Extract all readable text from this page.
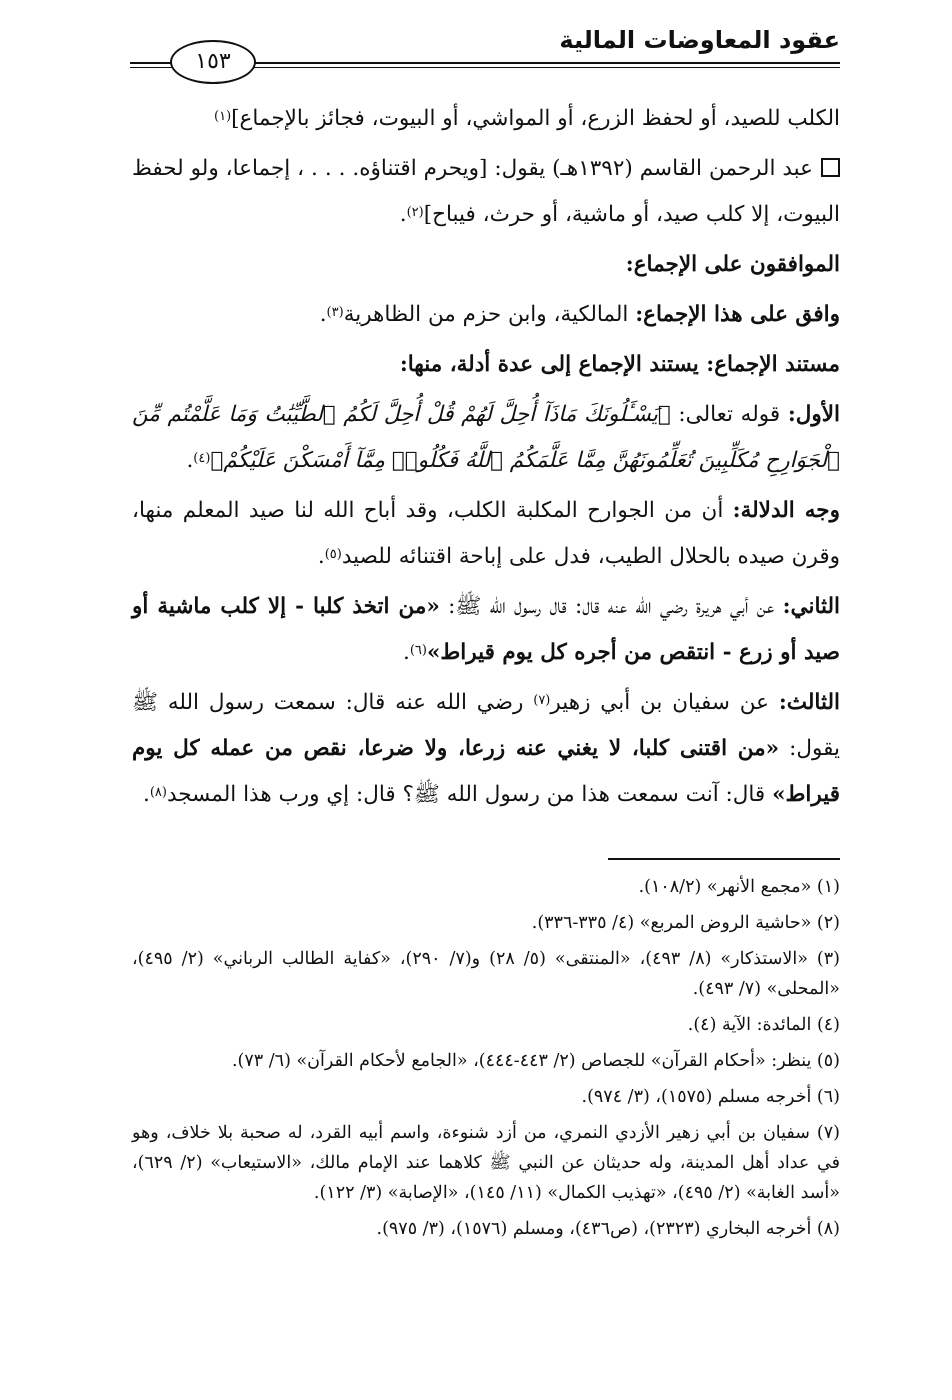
عقود المعاوضات المالية
١٥٣

الكلب للصيد، أو لحفظ الزرع، أو المواشي، أو البيوت، فجائز بالإجماع]$^{(١)}$

عبد الرحمن القاسم (١٣٩٢هـ) يقول: [ويحرم اقتناؤه. . . . ، إجماعا، ولو لحفظ البيوت، إلا كلب صيد، أو ماشية، أو حرث، فيباح]$^{(٢)}$.

الموافقون على الإجماع:

وافق على هذا الإجماع: المالكية، وابن حزم من الظاهرية$^{(٣)}$.

مستند الإجماع: يستند الإجماع إلى عدة أدلة، منها:

الأول: قوله تعالى: ﴿يَسْـَٔلُونَكَ مَاذَآ أُحِلَّ لَهُمْ قُلْ أُحِلَّ لَكُمُ ٱلطَّيِّبَٰتُ وَمَا عَلَّمْتُم مِّنَ ٱلْجَوَارِحِ مُكَلِّبِينَ تُعَلِّمُونَهُنَّ مِمَّا عَلَّمَكُمُ ٱللَّهُ فَكُلُوا۟ مِمَّآ أَمْسَكْنَ عَلَيْكُمْ﴾$^{(٤)}$.

وجه الدلالة: أن من الجوارح المكلبة الكلب، وقد أباح الله لنا صيد المعلم منها، وقرن صيده بالحلال الطيب، فدل على إباحة اقتنائه للصيد$^{(٥)}$.

الثاني: عن أبي هريرة رضي الله عنه قال: قال رسول الله ﷺ: «من اتخذ كلبا - إلا كلب ماشية أو صيد أو زرع - انتقص من أجره كل يوم قيراط»$^{(٦)}$.

الثالث: عن سفيان بن أبي زهير$^{(٧)}$ رضي الله عنه قال: سمعت رسول الله ﷺ يقول: «من اقتنى كلبا، لا يغني عنه زرعا، ولا ضرعا، نقص من عمله كل يوم قيراط» قال: آنت سمعت هذا من رسول الله ﷺ؟ قال: إي ورب هذا المسجد$^{(٨)}$.

(١) «مجمع الأنهر» (١٠٨/٢).

(٢) «حاشية الروض المربع» (٤/ ٣٣٥-٣٣٦).

(٣) «الاستذكار» (٨/ ٤٩٣)، «المنتقى» (٥/ ٢٨) و(٧/ ٢٩٠)، «كفاية الطالب الرباني» (٢/ ٤٩٥)، «المحلى» (٧/ ٤٩٣).

(٤) المائدة: الآية (٤).

(٥) ينظر: «أحكام القرآن» للجصاص (٢/ ٤٤٣-٤٤٤)، «الجامع لأحكام القرآن» (٦/ ٧٣).

(٦) أخرجه مسلم (١٥٧٥)، (٣/ ٩٧٤).

(٧) سفيان بن أبي زهير الأزدي النمري، من أزد شنوءة، واسم أبيه القرد، له صحبة بلا خلاف، وهو في عداد أهل المدينة، وله حديثان عن النبي ﷺ كلاهما عند الإمام مالك، «الاستيعاب» (٢/ ٦٢٩)، «أسد الغابة» (٢/ ٤٩٥)، «تهذيب الكمال» (١١/ ١٤٥)، «الإصابة» (٣/ ١٢٢).

(٨) أخرجه البخاري (٢٣٢٣)، (ص٤٣٦)، ومسلم (١٥٧٦)، (٣/ ٩٧٥).
